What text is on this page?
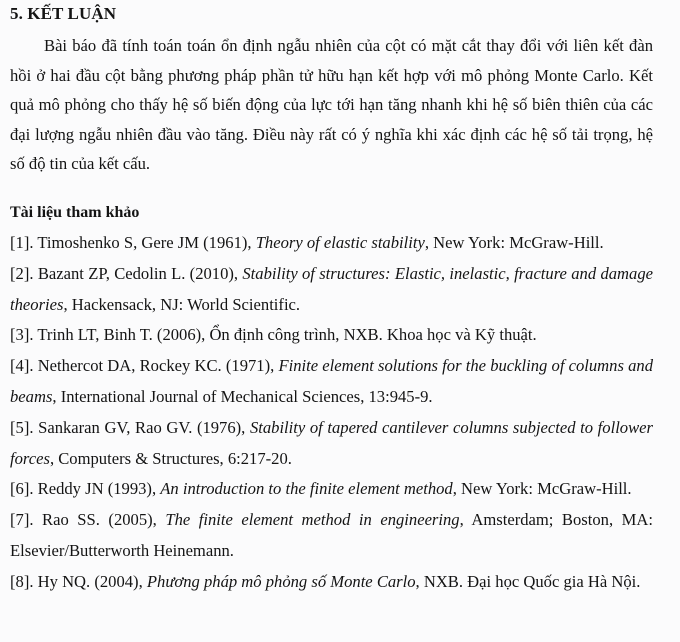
5. KẾT LUẬN

Bài báo đã tính toán toán ổn định ngẫu nhiên của cột có mặt cắt thay đổi với liên kết đàn hồi ở hai đầu cột bằng phương pháp phần tử hữu hạn kết hợp với mô phỏng Monte Carlo. Kết quả mô phỏng cho thấy hệ số biến động của lực tới hạn tăng nhanh khi hệ số biên thiên của các đại lượng ngẫu nhiên đầu vào tăng. Điều này rất có ý nghĩa khi xác định các hệ số tải trọng, hệ số độ tin của kết cấu.

Tài liệu tham khảo
[1]. Timoshenko S, Gere JM (1961), Theory of elastic stability, New York: McGraw-Hill.
[2]. Bazant ZP, Cedolin L. (2010), Stability of structures: Elastic, inelastic, fracture and damage theories, Hackensack, NJ: World Scientific.
[3]. Trinh LT, Binh T. (2006), Ổn định công trình, NXB. Khoa học và Kỹ thuật.
[4]. Nethercot DA, Rockey KC. (1971), Finite element solutions for the buckling of columns and beams, International Journal of Mechanical Sciences, 13:945-9.
[5]. Sankaran GV, Rao GV. (1976), Stability of tapered cantilever columns subjected to follower forces, Computers & Structures, 6:217-20.
[6]. Reddy JN (1993), An introduction to the finite element method, New York: McGraw-Hill.
[7]. Rao SS. (2005), The finite element method in engineering, Amsterdam; Boston, MA: Elsevier/Butterworth Heinemann.
[8]. Hy NQ. (2004), Phương pháp mô phỏng số Monte Carlo, NXB. Đại học Quốc gia Hà Nội.
